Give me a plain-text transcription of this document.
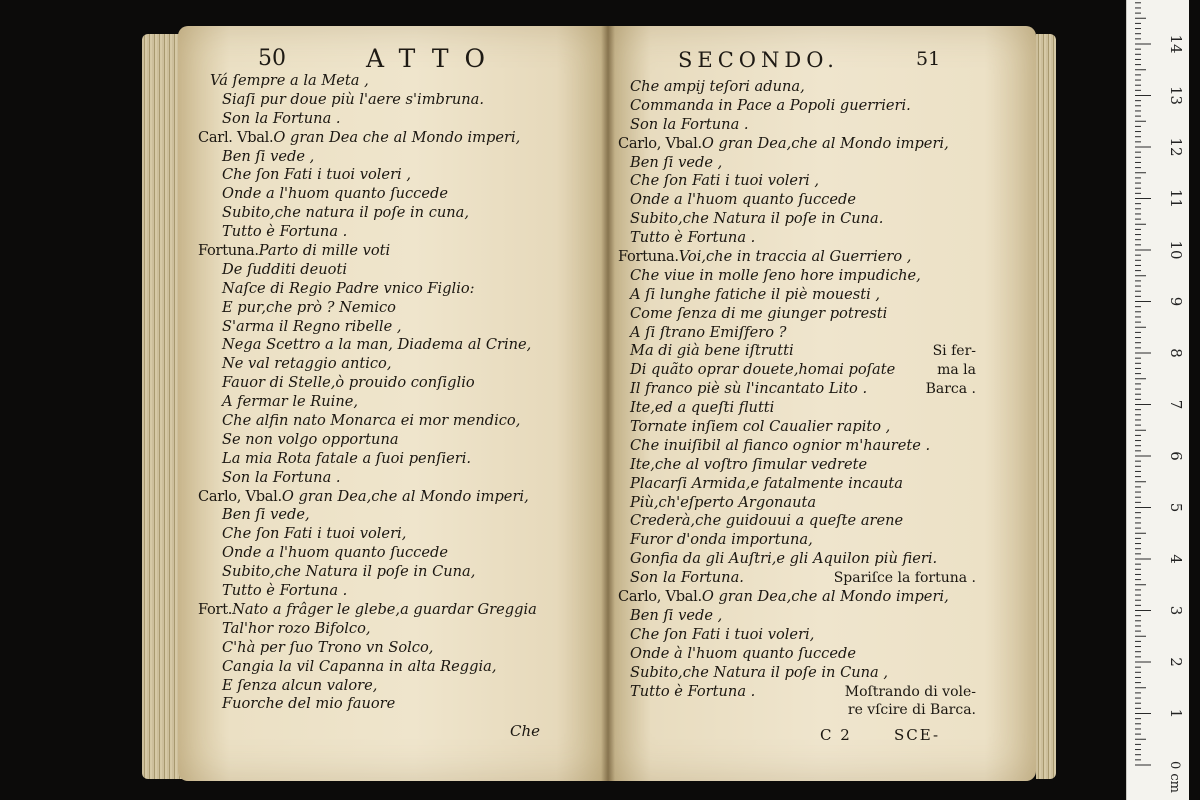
50	ATTO
Vá ſempre a la Meta ,
Siaſi pur doue più l'aere s'imbruna.
Son la Fortuna .
Carl. Vbal.O gran Dea che al Mondo imperi,
Ben ſi vede ,
Che ſon Fati i tuoi voleri ,
Onde a l'huom quanto ſuccede
Subito,che natura il poſe in cuna,
Tutto è Fortuna .
Fortuna.Parto di mille voti
De ſudditi deuoti
Naſce di Regio Padre vnico Figlio:
E pur,che prò ? Nemico
S'arma il Regno ribelle ,
Nega Scettro a la man, Diadema al Crine,
Ne val retaggio antico,
Fauor di Stelle,ò prouido conſiglio
A fermar le Ruine,
Che alfin nato Monarca ei mor mendico,
Se non volgo opportuna
La mia Rota fatale a ſuoi penſieri.
Son la Fortuna .
Carlo, Vbal.O gran Dea,che al Mondo imperi,
Ben ſi vede,
Che ſon Fati i tuoi voleri,
Onde a l'huom quanto ſuccede
Subito,che Natura il poſe in Cuna,
Tutto è Fortuna .
Fort.Nato a frâger le glebe,a guardar Greggia
Tal'hor rozo Bifolco,
C'hà per ſuo Trono vn Solco,
Cangia la vil Capanna in alta Reggia,
E ſenza alcun valore,
Fuorche del mio fauore
Che
SECONDO.	51
Che ampij teſori aduna,
Commanda in Pace a Popoli guerrieri.
Son la Fortuna .
Carlo, Vbal.O gran Dea,che al Mondo imperi,
Ben ſi vede ,
Che ſon Fati i tuoi voleri ,
Onde a l'huom quanto ſuccede
Subito,che Natura il poſe in Cuna.
Tutto è Fortuna .
Fortuna.Voi,che in traccia al Guerriero ,
Che viue in molle ſeno hore impudiche,
A ſi lunghe fatiche il piè mouesti ,
Come ſenza di me giunger potresti
A ſi ſtrano Emiſfero ?
Ma di già bene iſtrutti	Si fer-
Di quãto oprar douete,homai poſate	ma la
Il franco piè sù l'incantato Lito .	Barca .
Ite,ed a queſti flutti
Tornate inſiem col Caualier rapito ,
Che inuiſibil al fianco ognior m'haurete .
Ite,che al voſtro ſimular vedrete
Placarſi Armida,e fatalmente incauta
Più,ch'eſperto Argonauta
Crederà,che guidouui a queſte arene
Furor d'onda importuna,
Gonfia da gli Auſtri,e gli Aquilon più fieri.
Son la Fortuna.	Spariſce la fortuna .
Carlo, Vbal.O gran Dea,che al Mondo imperi,
Ben ſi vede ,
Che ſon Fati i tuoi voleri,
Onde à l'huom quanto ſuccede
Subito,che Natura il poſe in Cuna ,
Tutto è Fortuna .	Moſtrando di vole-
re vſcire di Barca.
C 2	SCE-
1
2
3
4
5
6
7
8
9
10
11
12
13
14
0 cm
